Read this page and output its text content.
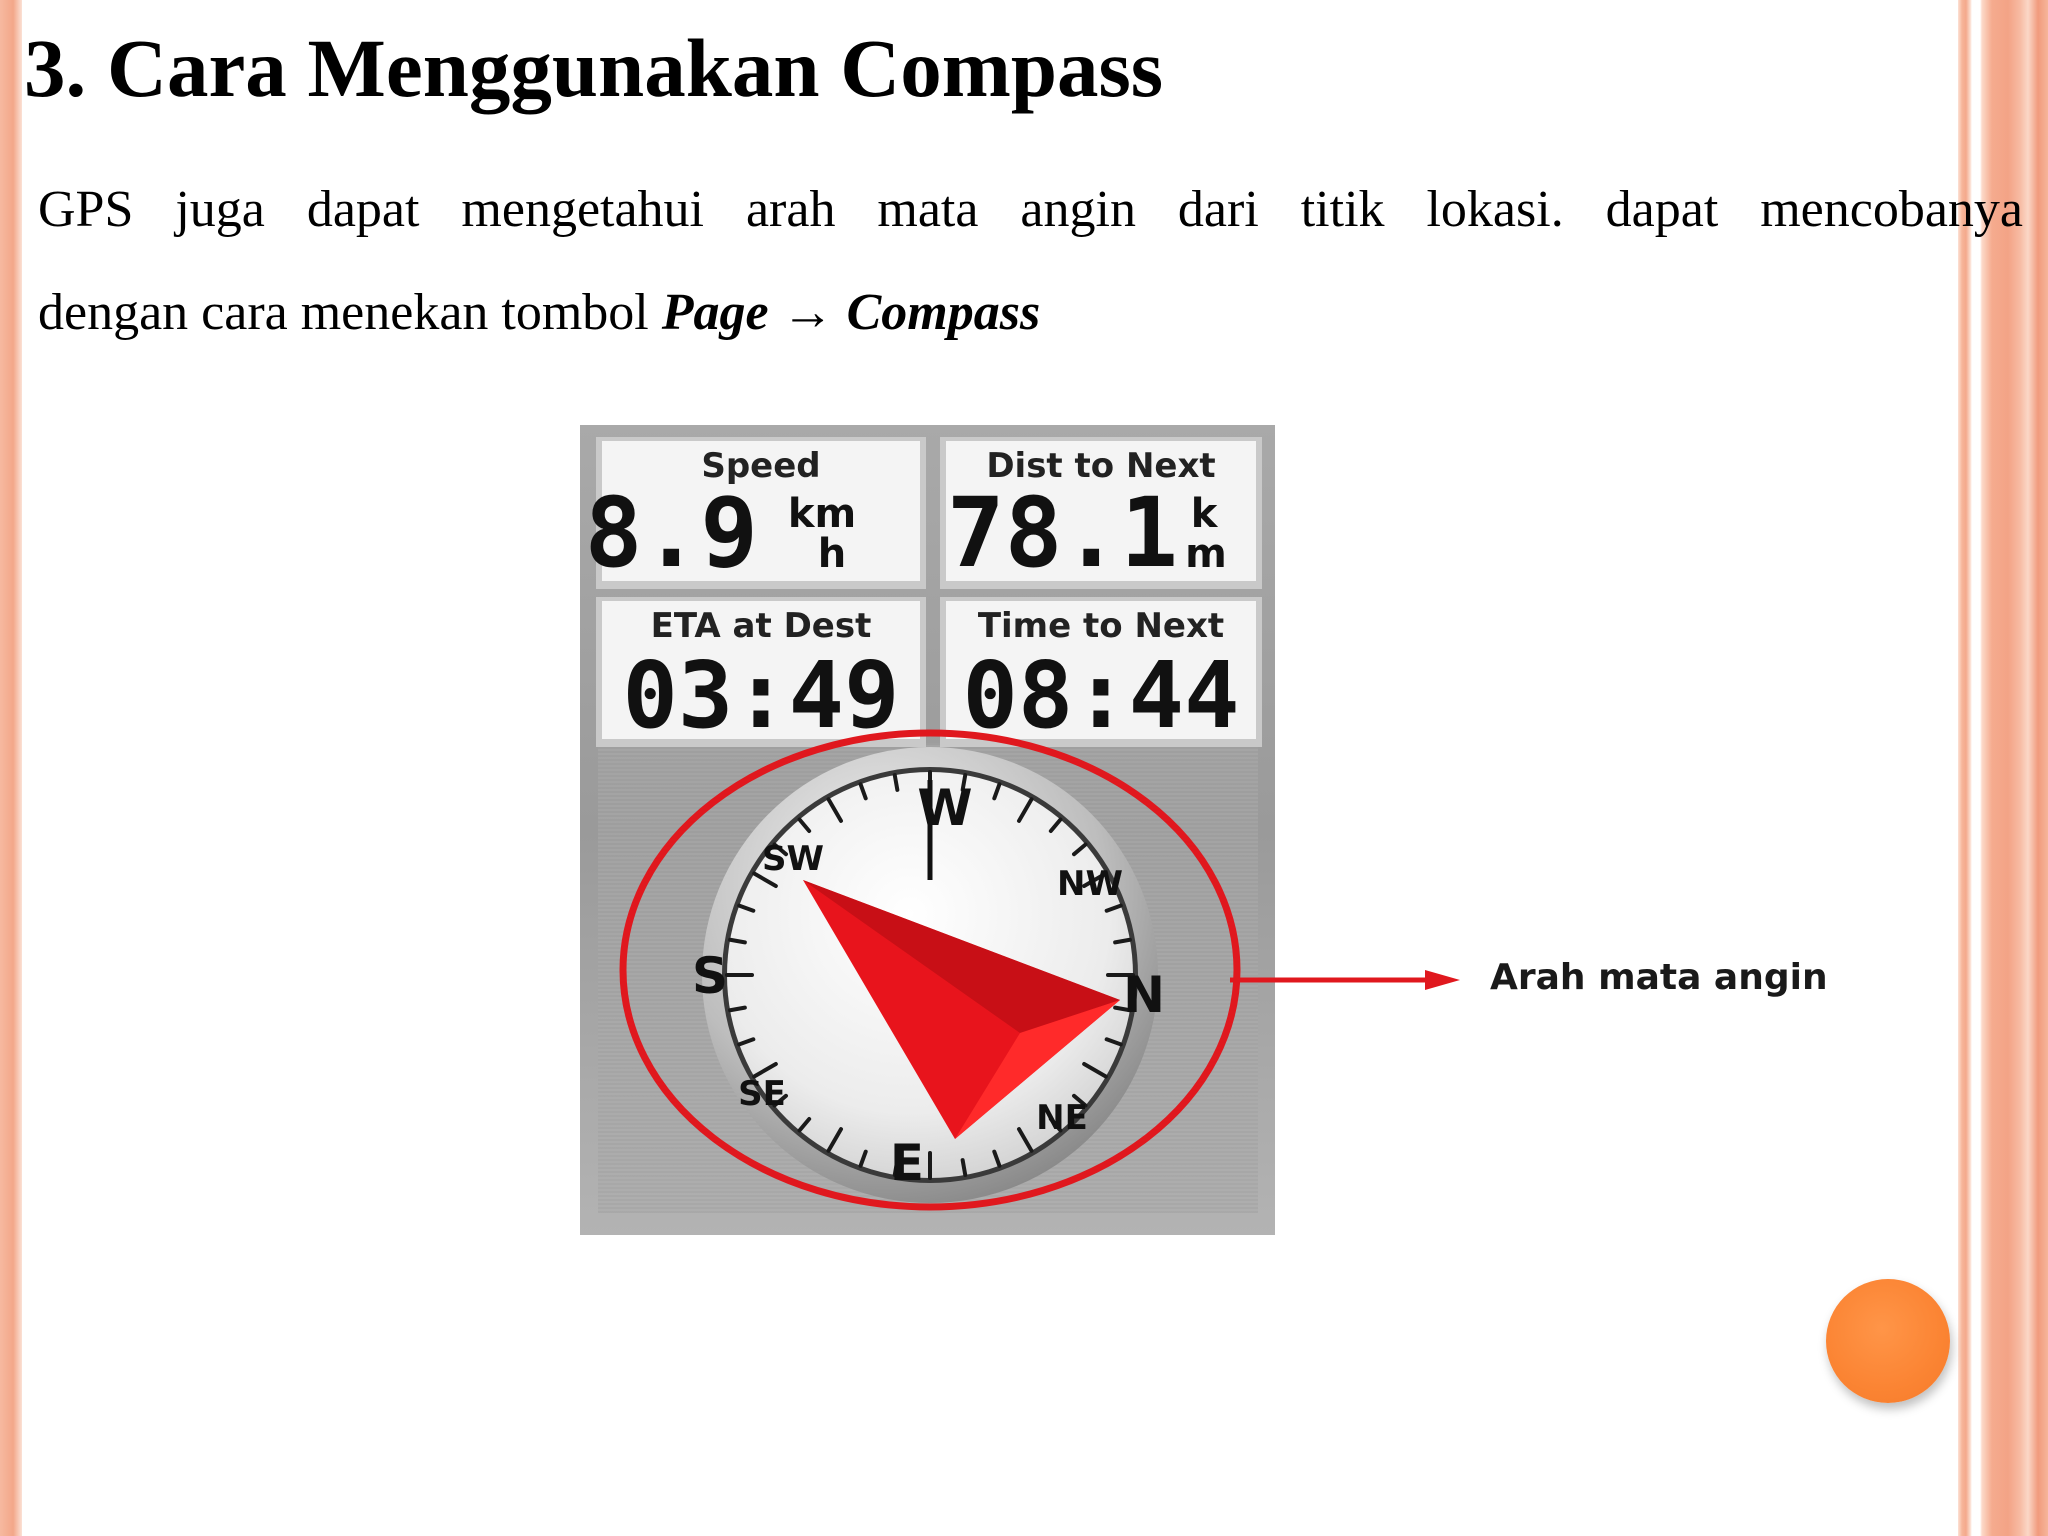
3. Cara Menggunakan Compass
GPS juga dapat mengetahui arah mata angin dari titik lokasi. dapat mencobanya
dengan cara menekan tombol Page → Compass
Speed
8.9 km
h
Dist to Next
78.1 k
m
ETA at Dest
03:49
Time to Next
08:44
W
SW
NW
S	N
SE
NE
E
Arah mata angin
